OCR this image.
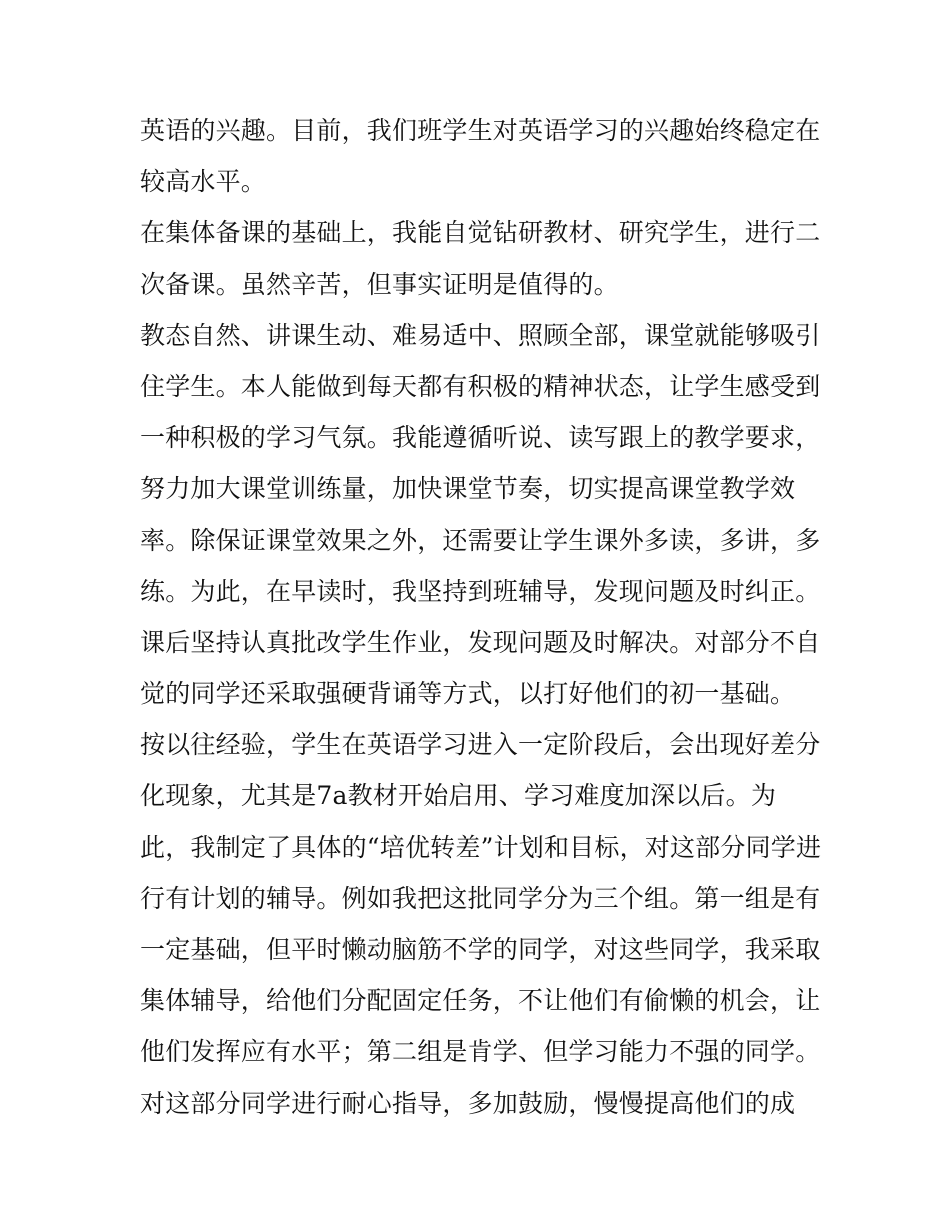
英语的兴趣。目前，我们班学生对英语学习的兴趣始终稳定在
较高水平。
在集体备课的基础上，我能自觉钻研教材、研究学生，进行二
次备课。虽然辛苦，但事实证明是值得的。
教态自然、讲课生动、难易适中、照顾全部，课堂就能够吸引
住学生。本人能做到每天都有积极的精神状态，让学生感受到
一种积极的学习气氛。我能遵循听说、读写跟上的教学要求，
努力加大课堂训练量，加快课堂节奏，切实提高课堂教学效
率。除保证课堂效果之外，还需要让学生课外多读，多讲，多
练。为此，在早读时，我坚持到班辅导，发现问题及时纠正。
课后坚持认真批改学生作业，发现问题及时解决。对部分不自
觉的同学还采取强硬背诵等方式，以打好他们的初一基础。
按以往经验，学生在英语学习进入一定阶段后，会出现好差分
化现象，尤其是7a教材开始启用、学习难度加深以后。为
此，我制定了具体的“培优转差”计划和目标，对这部分同学进
行有计划的辅导。例如我把这批同学分为三个组。第一组是有
一定基础，但平时懒动脑筋不学的同学，对这些同学，我采取
集体辅导，给他们分配固定任务，不让他们有偷懒的机会，让
他们发挥应有水平；第二组是肯学、但学习能力不强的同学。
对这部分同学进行耐心指导，多加鼓励，慢慢提高他们的成
